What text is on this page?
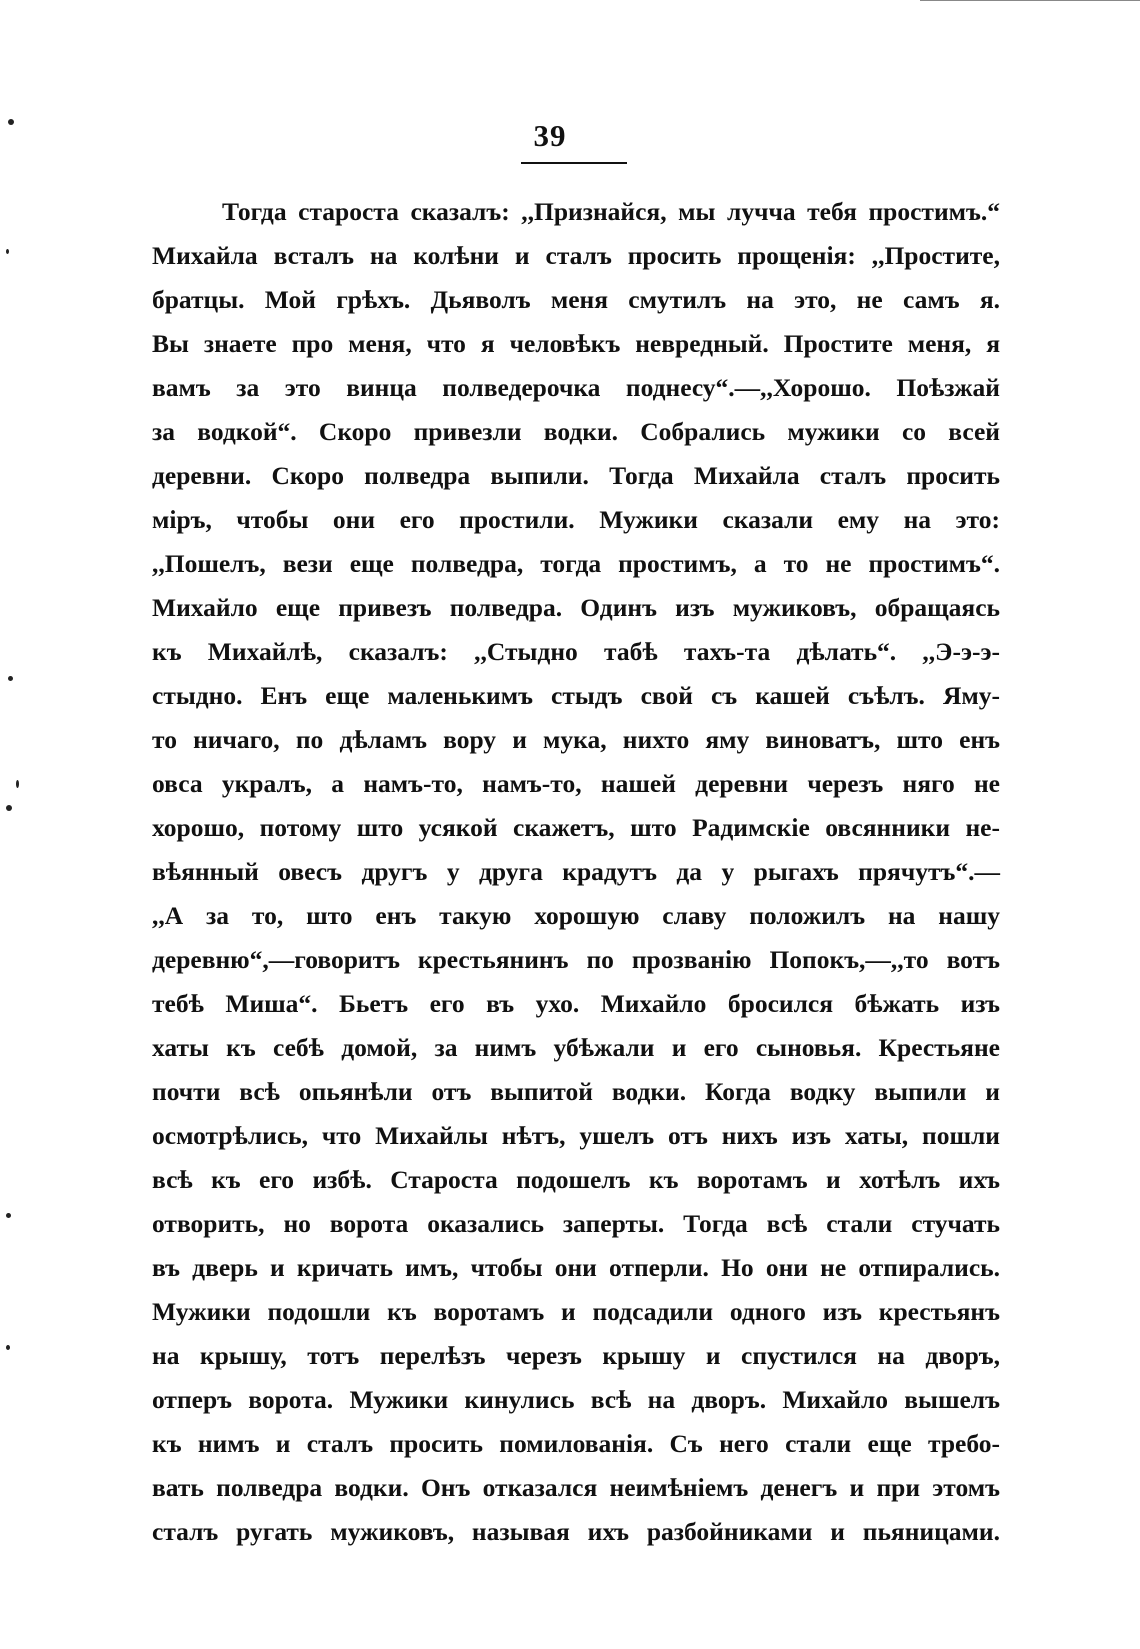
39
Тогда староста сказалъ: ,,Признайся, мы лучча тебя простимъ.“
Михайла всталъ на колѣни и сталъ просить прощенія: ,,Простите,
братцы. Мой грѣхъ. Дьяволъ меня смутилъ на это, не самъ я.
Вы знаете про меня, что я человѣкъ невредный. Простите меня, я
вамъ за это винца полведерочка поднесу“.—,,Хорошо. Поѣзжай
за водкой“. Скоро привезли водки. Собрались мужики со всей
деревни. Скоро полведра выпили. Тогда Михайла сталъ просить
міръ, чтобы они его простили. Мужики сказали ему на это:
,,Пошелъ, вези еще полведра, тогда простимъ, а то не простимъ“.
Михайло еще привезъ полведра. Одинъ изъ мужиковъ, обращаясь
къ Михайлѣ, сказалъ: ,,Стыдно табѣ тахъ-та дѣлать“. ,,Э-э-э-
стыдно. Енъ еще маленькимъ стыдъ свой съ кашей съѣлъ. Яму-
то ничаго, по дѣламъ вору и мука, нихто яму виноватъ, што енъ
овса укралъ, а намъ-то, намъ-то, нашей деревни черезъ няго не
хорошо, потому што усякой скажетъ, што Радимскіе овсянники не-
вѣянный овесъ другъ у друга крадутъ да у рыгахъ прячутъ“.—
,,А за то, што енъ такую хорошую славу положилъ на нашу
деревню“,—говоритъ крестьянинъ по прозванію Попокъ,—,,то вотъ
тебѣ Миша“. Бьетъ его въ ухо. Михайло бросился бѣжать изъ
хаты къ себѣ домой, за нимъ убѣжали и его сыновья. Крестьяне
почти всѣ опьянѣли отъ выпитой водки. Когда водку выпили и
осмотрѣлись, что Михайлы нѣтъ, ушелъ отъ нихъ изъ хаты, пошли
всѣ къ его избѣ. Староста подошелъ къ воротамъ и хотѣлъ ихъ
отворить, но ворота оказались заперты. Тогда всѣ стали стучать
въ дверь и кричать имъ, чтобы они отперли. Но они не отпирались.
Мужики подошли къ воротамъ и подсадили одного изъ крестьянъ
на крышу, тотъ перелѣзъ черезъ крышу и спустился на дворъ,
отперъ ворота. Мужики кинулись всѣ на дворъ. Михайло вышелъ
къ нимъ и сталъ просить помилованія. Съ него стали еще требо-
вать полведра водки. Онъ отказался неимѣніемъ денегъ и при этомъ
сталъ ругать мужиковъ, называя ихъ разбойниками и пьяницами.
